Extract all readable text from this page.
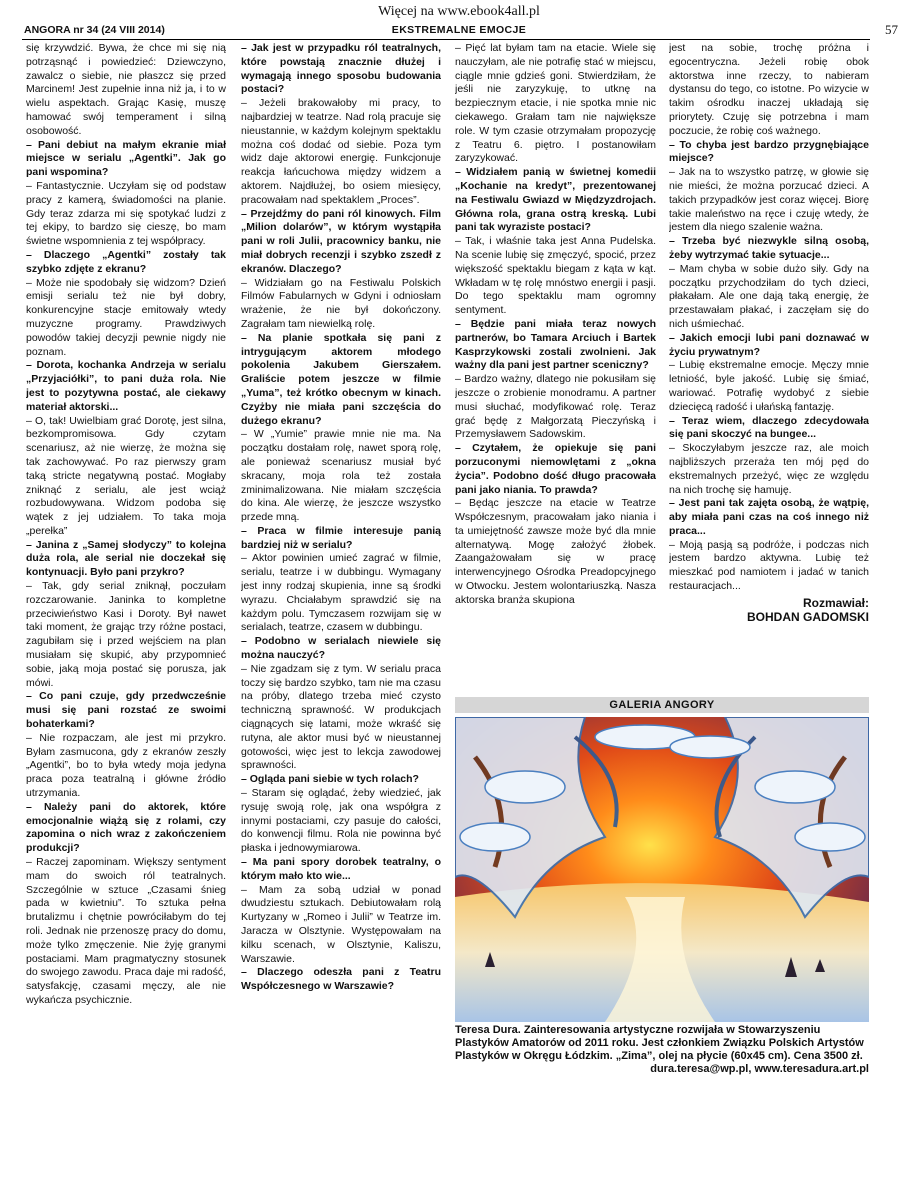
Więcej na www.ebook4all.pl
ANGORA nr 34 (24 VIII 2014)	EKSTREMALNE EMOCJE	57

się krzywdzić. Bywa, że chce mi się nią potrząsnąć i powiedzieć: Dziewczyno, zawalcz o siebie, nie płaszcz się przed Marcinem! Jest zupełnie inna niż ja, i to w wielu aspektach. Grając Kasię, muszę hamować swój temperament i silną osobowość.

– Pani debiut na małym ekranie miał miejsce w serialu „Agentki”. Jak go pani wspomina?

– Fantastycznie. Uczyłam się od podstaw pracy z kamerą, świadomości na planie. Gdy teraz zdarza mi się spotykać ludzi z tej ekipy, to bardzo się cieszę, bo mam świetne wspomnienia z tej współpracy.

– Dlaczego „Agentki” zostały tak szybko zdjęte z ekranu?

– Może nie spodobały się widzom? Dzień emisji serialu też nie był dobry, konkurencyjne stacje emitowały wtedy muzyczne programy. Prawdziwych powodów takiej decyzji pewnie nigdy nie poznam.

– Dorota, kochanka Andrzeja w serialu „Przyjaciółki”, to pani duża rola. Nie jest to pozytywna postać, ale ciekawy materiał aktorski...

– O, tak! Uwielbiam grać Dorotę, jest silna, bezkompromisowa. Gdy czytam scenariusz, aż nie wierzę, że można się tak zachowywać. Po raz pierwszy gram taką stricte negatywną postać. Mogłaby zniknąć z serialu, ale jest wciąż rozbudowywana. Widzom podoba się wątek z jej udziałem. To taka moja „perełka”

– Janina z „Samej słodyczy” to kolejna duża rola, ale serial nie doczekał się kontynuacji. Było pani przykro?

– Tak, gdy serial zniknął, poczułam rozczarowanie. Janinka to kompletne przeciwieństwo Kasi i Doroty. Był nawet taki moment, że grając trzy różne postaci, zagubiłam się i przed wejściem na plan musiałam się skupić, aby przypomnieć sobie, jaką moja postać się porusza, jak mówi.

– Co pani czuje, gdy przedwcześnie musi się pani rozstać ze swoimi bohaterkami?

– Nie rozpaczam, ale jest mi przykro. Byłam zasmucona, gdy z ekranów zeszły „Agentki”, bo to była wtedy moja jedyna praca poza teatralną i główne źródło utrzymania.

– Należy pani do aktorek, które emocjonalnie wiążą się z rolami, czy zapomina o nich wraz z zakończeniem produkcji?

– Raczej zapominam. Większy sentyment mam do swoich ról teatralnych. Szczególnie w sztuce „Czasami śnieg pada w kwietniu”. To sztuka pełna brutalizmu i chętnie powróciłabym do tej roli. Jednak nie przenoszę pracy do domu, może tylko zmęczenie. Nie żyję granymi postaciami. Mam pragmatyczny stosunek do swojego zawodu. Praca daje mi radość, satysfakcję, czasami męczy, ale nie wykańcza psychicznie.

– Jak jest w przypadku ról teatralnych, które powstają znacznie dłużej i wymagają innego sposobu budowania postaci?

– Jeżeli brakowałoby mi pracy, to najbardziej w teatrze. Nad rolą pracuje się nieustannie, w każdym kolejnym spektaklu można coś dodać od siebie. Poza tym widz daje aktorowi energię. Funkcjonuje reakcja łańcuchowa między widzem a aktorem. Najdłużej, bo osiem miesięcy, pracowałam nad spektaklem „Proces”.

– Przejdźmy do pani ról kinowych. Film „Milion dolarów”, w którym wystąpiła pani w roli Julii, pracownicy banku, nie miał dobrych recenzji i szybko zszedł z ekranów. Dlaczego?

– Widziałam go na Festiwalu Polskich Filmów Fabularnych w Gdyni i odniosłam wrażenie, że nie był dokończony. Zagrałam tam niewielką rolę.

– Na planie spotkała się pani z intrygującym aktorem młodego pokolenia Jakubem Gierszałem. Graliście potem jeszcze w filmie „Yuma”, też krótko obecnym w kinach. Czyżby nie miała pani szczęścia do dużego ekranu?

– W „Yumie” prawie mnie nie ma. Na początku dostałam rolę, nawet sporą rolę, ale ponieważ scenariusz musiał być skracany, moja rola też została zminimalizowana. Nie miałam szczęścia do kina. Ale wierzę, że jeszcze wszystko przede mną.

– Praca w filmie interesuje panią bardziej niż w serialu?

– Aktor powinien umieć zagrać w filmie, serialu, teatrze i w dubbingu. Wymagany jest inny rodzaj skupienia, inne są środki wyrazu. Chciałabym sprawdzić się na każdym polu. Tymczasem rozwijam się w serialach, teatrze, czasem w dubbingu.

– Podobno w serialach niewiele się można nauczyć?

– Nie zgadzam się z tym. W serialu praca toczy się bardzo szybko, tam nie ma czasu na próby, dlatego trzeba mieć czysto techniczną sprawność. W produkcjach ciągnących się latami, może wkraść się rutyna, ale aktor musi być w nieustannej gotowości, więc jest to lekcja zawodowej sprawności.

– Ogląda pani siebie w tych rolach?

– Staram się oglądać, żeby wiedzieć, jak rysuję swoją rolę, jak ona współgra z innymi postaciami, czy pasuje do całości, do konwencji filmu. Rola nie powinna być płaska i jednowymiarowa.

– Ma pani spory dorobek teatralny, o którym mało kto wie...

– Mam za sobą udział w ponad dwudziestu sztukach. Debiutowałam rolą Kurtyzany w „Romeo i Julii” w Teatrze im. Jaracza w Olsztynie. Występowałam na kilku scenach, w Olsztynie, Kaliszu, Warszawie.

– Dlaczego odeszła pani z Teatru Współczesnego w Warszawie?

– Pięć lat byłam tam na etacie. Wiele się nauczyłam, ale nie potrafię stać w miejscu, ciągle mnie gdzieś goni. Stwierdziłam, że jeśli nie zaryzykuję, to utknę na bezpiecznym etacie, i nie spotka mnie nic ciekawego. Grałam tam nie największe role. W tym czasie otrzymałam propozycję z Teatru 6. piętro. I postanowiłam zaryzykować.

– Widziałem panią w świetnej komedii „Kochanie na kredyt”, prezentowanej na Festiwalu Gwiazd w Międzyzdrojach. Główna rola, grana ostrą kreską. Lubi pani tak wyraziste postaci?

– Tak, i właśnie taka jest Anna Pudelska. Na scenie lubię się zmęczyć, spocić, przez większość spektaklu biegam z kąta w kąt. Wkładam w tę rolę mnóstwo energii i pasji. Do tego spektaklu mam ogromny sentyment.

– Będzie pani miała teraz nowych partnerów, bo Tamara Arciuch i Bartek Kasprzykowski zostali zwolnieni. Jak ważny dla pani jest partner sceniczny?

– Bardzo ważny, dlatego nie pokusiłam się jeszcze o zrobienie monodramu. A partner musi słuchać, modyfikować rolę. Teraz grać będę z Małgorzatą Pieczyńską i Przemysławem Sadowskim.

– Czytałem, że opiekuje się pani porzuconymi niemowlętami z „okna życia”. Podobno dość długo pracowała pani jako niania. To prawda?

– Będąc jeszcze na etacie w Teatrze Współczesnym, pracowałam jako niania i ta umiejętność zawsze może być dla mnie alternatywą. Mogę założyć żłobek. Zaangażowałam się w pracę interwencyjnego Ośrodka Preadopcyjnego w Otwocku. Jestem wolontariuszką. Nasza aktorska branża skupiona

jest na sobie, trochę próżna i egocentryczna. Jeżeli robię obok aktorstwa inne rzeczy, to nabieram dystansu do tego, co istotne. Po wizycie w takim ośrodku inaczej układają się priorytety. Czuję się potrzebna i mam poczucie, że robię coś ważnego.

– To chyba jest bardzo przygnębiające miejsce?

– Jak na to wszystko patrzę, w głowie się nie mieści, że można porzucać dzieci. A takich przypadków jest coraz więcej. Biorę takie maleństwo na ręce i czuję wtedy, że jestem dla niego szalenie ważna.

– Trzeba być niezwykle silną osobą, żeby wytrzymać takie sytuacje...

– Mam chyba w sobie dużo siły. Gdy na początku przychodziłam do tych dzieci, płakałam. Ale one dają taką energię, że przestawałam płakać, i zaczęłam się do nich uśmiechać.

– Jakich emocji lubi pani doznawać w życiu prywatnym?

– Lubię ekstremalne emocje. Męczy mnie letniość, byle jakość. Lubię się śmiać, wariować. Potrafię wydobyć z siebie dziecięcą radość i ułańską fantazję.

– Teraz wiem, dlaczego zdecydowała się pani skoczyć na bungee...

– Skoczyłabym jeszcze raz, ale moich najbliższych przeraża ten mój pęd do ekstremalnych przeżyć, więc ze względu na nich trochę się hamuję.

– Jest pani tak zajęta osobą, że wątpię, aby miała pani czas na coś innego niż praca...

– Moją pasją są podróże, i podczas nich jestem bardzo aktywna. Lubię też mieszkać pod namiotem i jadać w tanich restauracjach...

Rozmawiał:
BOHDAN GADOMSKI
GALERIA ANGORY
Teresa Dura. Zainteresowania artystyczne rozwijała w Stowarzyszeniu Plastyków Amatorów od 2011 roku. Jest członkiem Związku Polskich Artystów Plastyków w Okręgu Łódzkim. „Zima”, olej na płycie (60x45 cm). Cena 3500 zł.
dura.teresa@wp.pl, www.teresadura.art.pl
